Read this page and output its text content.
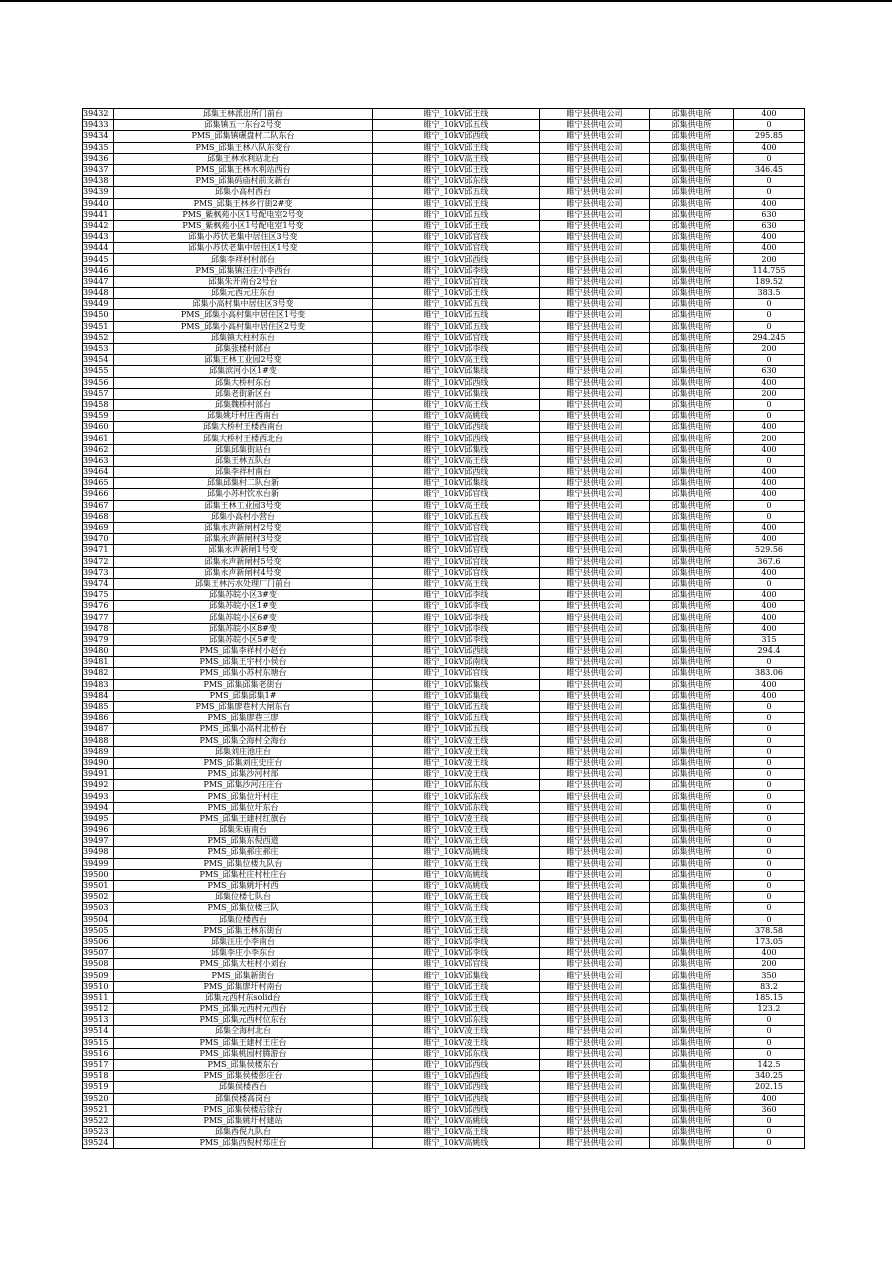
39432	邱集王林派出所门前台	睢宁_10kV邱王线	睢宁县供电公司	邱集供电所	400
39433	邱集镇五一东台2号变	睢宁_10kV邱五线	睢宁县供电公司	邱集供电所	0
39434	PMS_邱集镇碾盘村二队东台	睢宁_10kV邱西线	睢宁县供电公司	邱集供电所	295.85
39435	PMS_邱集王林八队东变台	睢宁_10kV邱王线	睢宁县供电公司	邱集供电所	400
39436	邱集王林水利站北台	睢宁_10kV高王线	睢宁县供电公司	邱集供电所	0
39437	PMS_邱集王林水利站西台	睢宁_10kV邱王线	睢宁县供电公司	邱集供电所	346.45
39438	PMS_邱集码庙村前支新台	睢宁_10kV邱东线	睢宁县供电公司	邱集供电所	0
39439	邱集小高村西台	睢宁_10kV邱五线	睢宁县供电公司	邱集供电所	0
39440	PMS_邱集王林乡行街2#变	睢宁_10kV邱王线	睢宁县供电公司	邱集供电所	400
39441	PMS_紫枫苑小区1号配电室2号变	睢宁_10kV邱五线	睢宁县供电公司	邱集供电所	630
39442	PMS_紫枫苑小区1号配电室1号变	睢宁_10kV邱王线	睢宁县供电公司	邱集供电所	630
39443	邱集小苏伏老集中居住区3号变	睢宁_10kV邱官线	睢宁县供电公司	邱集供电所	400
39444	邱集小苏伏老集中居住区1号变	睢宁_10kV邱官线	睢宁县供电公司	邱集供电所	400
39445	邱集李祥村村部台	睢宁_10kV邱西线	睢宁县供电公司	邱集供电所	200
39446	PMS_邱集镇汪庄小李西台	睢宁_10kV邱李线	睢宁县供电公司	邱集供电所	114.755
39447	邱集朱开南台2号台	睢宁_10kV邱官线	睢宁县供电公司	邱集供电所	189.52
39448	邱集元西元庄东台	睢宁_10kV邱王线	睢宁县供电公司	邱集供电所	383.5
39449	邱集小高村集中居住区3号变	睢宁_10kV邱五线	睢宁县供电公司	邱集供电所	0
39450	PMS_邱集小高村集中居住区1号变	睢宁_10kV邱五线	睢宁县供电公司	邱集供电所	0
39451	PMS_邱集小高村集中居住区2号变	睢宁_10kV邱五线	睢宁县供电公司	邱集供电所	0
39452	邱集镇大柱村东台	睢宁_10kV邱官线	睢宁县供电公司	邱集供电所	294.245
39453	邱集张楼村部台	睢宁_10kV邱李线	睢宁县供电公司	邱集供电所	200
39454	邱集王林工业园2号变	睢宁_10kV高王线	睢宁县供电公司	邱集供电所	0
39455	邱集滨河小区1#变	睢宁_10kV邱集线	睢宁县供电公司	邱集供电所	630
39456	邱集大桥村东台	睢宁_10kV邱西线	睢宁县供电公司	邱集供电所	400
39457	邱集老街新区台	睢宁_10kV邱集线	睢宁县供电公司	邱集供电所	200
39458	邱集魏桥村部台	睢宁_10kV高王线	睢宁县供电公司	邱集供电所	0
39459	邱集姚圩村庄西南台	睢宁_10kV高姚线	睢宁县供电公司	邱集供电所	0
39460	邱集大桥村王楼西南台	睢宁_10kV邱西线	睢宁县供电公司	邱集供电所	400
39461	邱集大桥村王楼西北台	睢宁_10kV邱西线	睢宁县供电公司	邱集供电所	200
39462	邱集邱集街站台	睢宁_10kV邱集线	睢宁县供电公司	邱集供电所	400
39463	邱集王林五队台	睢宁_10kV高王线	睢宁县供电公司	邱集供电所	0
39464	邱集李祥村南台	睢宁_10kV邱西线	睢宁县供电公司	邱集供电所	400
39465	邱集邱集村二队台新	睢宁_10kV邱集线	睢宁县供电公司	邱集供电所	400
39466	邱集小苏村饮水台新	睢宁_10kV邱官线	睢宁县供电公司	邱集供电所	400
39467	邱集王林工业园3号变	睢宁_10kV高王线	睢宁县供电公司	邱集供电所	0
39468	邱集小高村小营台	睢宁_10kV邱五线	睢宁县供电公司	邱集供电所	0
39469	邱集永声新闸村2号变	睢宁_10kV邱官线	睢宁县供电公司	邱集供电所	400
39470	邱集永声新闸村3号变	睢宁_10kV邱官线	睢宁县供电公司	邱集供电所	400
39471	邱集永声新闸1号变	睢宁_10kV邱官线	睢宁县供电公司	邱集供电所	529.56
39472	邱集永声新闸村5号变	睢宁_10kV邱官线	睢宁县供电公司	邱集供电所	367.6
39473	邱集永声新闸村4号变	睢宁_10kV邱官线	睢宁县供电公司	邱集供电所	400
39474	邱集王林污水处理厂门前台	睢宁_10kV高王线	睢宁县供电公司	邱集供电所	0
39475	邱集苏皖小区3#变	睢宁_10kV邱李线	睢宁县供电公司	邱集供电所	400
39476	邱集苏皖小区1#变	睢宁_10kV邱李线	睢宁县供电公司	邱集供电所	400
39477	邱集苏皖小区6#变	睢宁_10kV邱李线	睢宁县供电公司	邱集供电所	400
39478	邱集苏皖小区8#变	睢宁_10kV邱李线	睢宁县供电公司	邱集供电所	400
39479	邱集苏皖小区5#变	睢宁_10kV邱李线	睢宁县供电公司	邱集供电所	315
39480	PMS_邱集李祥村小赵台	睢宁_10kV邱西线	睢宁县供电公司	邱集供电所	294.4
39481	PMS_邱集王宇村小侯台	睢宁_10kV邱南线	睢宁县供电公司	邱集供电所	0
39482	PMS_邱集小苏村东塘台	睢宁_10kV邱官线	睢宁县供电公司	邱集供电所	383.06
39483	PMS_邱集邱集老街台	睢宁_10kV邱集线	睢宁县供电公司	邱集供电所	400
39484	PMS_邱集邱集1#	睢宁_10kV邱集线	睢宁县供电公司	邱集供电所	400
39485	PMS_邱集廖巷村大闸东台	睢宁_10kV邱五线	睢宁县供电公司	邱集供电所	0
39486	PMS_邱集廖巷三廖	睢宁_10kV邱五线	睢宁县供电公司	邱集供电所	0
39487	PMS_邱集小高村北桥台	睢宁_10kV邱五线	睢宁县供电公司	邱集供电所	0
39488	PMS_邱集仝海村仝海台	睢宁_10kV凌王线	睢宁县供电公司	邱集供电所	0
39489	邱集刘庄池庄台	睢宁_10kV凌王线	睢宁县供电公司	邱集供电所	0
39490	PMS_邱集刘庄史庄台	睢宁_10kV凌王线	睢宁县供电公司	邱集供电所	0
39491	PMS_邱集沙河村部	睢宁_10kV凌王线	睢宁县供电公司	邱集供电所	0
39492	PMS_邱集沙河汪庄台	睢宁_10kV邱东线	睢宁县供电公司	邱集供电所	0
39493	PMS_邱集位圩村庄	睢宁_10kV邱东线	睢宁县供电公司	邱集供电所	0
39494	PMS_邱集位圩东台	睢宁_10kV邱东线	睢宁县供电公司	邱集供电所	0
39495	PMS_邱集王建村红旗台	睢宁_10kV凌王线	睢宁县供电公司	邱集供电所	0
39496	邱集朱庙南台	睢宁_10kV凌王线	睢宁县供电公司	邱集供电所	0
39497	PMS_邱集东倪西道	睢宁_10kV高王线	睢宁县供电公司	邱集供电所	0
39498	PMS_邱集郝庄郝庄	睢宁_10kV高姚线	睢宁县供电公司	邱集供电所	0
39499	PMS_邱集位楼九队台	睢宁_10kV高王线	睢宁县供电公司	邱集供电所	0
39500	PMS_邱集杜庄村杜庄台	睢宁_10kV高姚线	睢宁县供电公司	邱集供电所	0
39501	PMS_邱集姚圩村西	睢宁_10kV高姚线	睢宁县供电公司	邱集供电所	0
39502	邱集位楼七队台	睢宁_10kV高王线	睢宁县供电公司	邱集供电所	0
39503	PMS_邱集位楼三队	睢宁_10kV高王线	睢宁县供电公司	邱集供电所	0
39504	邱集位楼西台	睢宁_10kV高王线	睢宁县供电公司	邱集供电所	0
39505	PMS_邱集王林东街台	睢宁_10kV邱王线	睢宁县供电公司	邱集供电所	378.58
39506	邱集汪庄小李南台	睢宁_10kV邱李线	睢宁县供电公司	邱集供电所	173.05
39507	邱集李庄小李东台	睢宁_10kV邱李线	睢宁县供电公司	邱集供电所	400
39508	PMS_邱集大柱村小刘台	睢宁_10kV邱官线	睢宁县供电公司	邱集供电所	200
39509	PMS_邱集新街台	睢宁_10kV邱集线	睢宁县供电公司	邱集供电所	350
39510	PMS_邱集廖圩村南台	睢宁_10kV邱王线	睢宁县供电公司	邱集供电所	83.2
39511	邱集元西村东solid台	睢宁_10kV邱王线	睢宁县供电公司	邱集供电所	185.15
39512	PMS_邱集元西村元西台	睢宁_10kV邱王线	睢宁县供电公司	邱集供电所	123.2
39513	PMS_邱集元西村位东台	睢宁_10kV邱东线	睢宁县供电公司	邱集供电所	0
39514	邱集仝海村北台	睢宁_10kV凌王线	睢宁县供电公司	邱集供电所	0
39515	PMS_邱集王建村王庄台	睢宁_10kV凌王线	睢宁县供电公司	邱集供电所	0
39516	PMS_邱集桃园村腾游台	睢宁_10kV邱东线	睢宁县供电公司	邱集供电所	0
39517	PMS_邱集侯楼东台	睢宁_10kV邱西线	睢宁县供电公司	邱集供电所	142.5
39518	PMS_邱集侯楼彭庄台	睢宁_10kV邱西线	睢宁县供电公司	邱集供电所	340.25
39519	邱集侯楼西台	睢宁_10kV邱西线	睢宁县供电公司	邱集供电所	202.15
39520	邱集侯楼高岗台	睢宁_10kV邱西线	睢宁县供电公司	邱集供电所	400
39521	PMS_邱集侯楼后徐台	睢宁_10kV邱西线	睢宁县供电公司	邱集供电所	360
39522	PMS_邱集姚圩村建站	睢宁_10kV高姚线	睢宁县供电公司	邱集供电所	0
39523	邱集西倪九队台	睢宁_10kV高王线	睢宁县供电公司	邱集供电所	0
39524	PMS_邱集西倪村郑庄台	睢宁_10kV高姚线	睢宁县供电公司	邱集供电所	0
